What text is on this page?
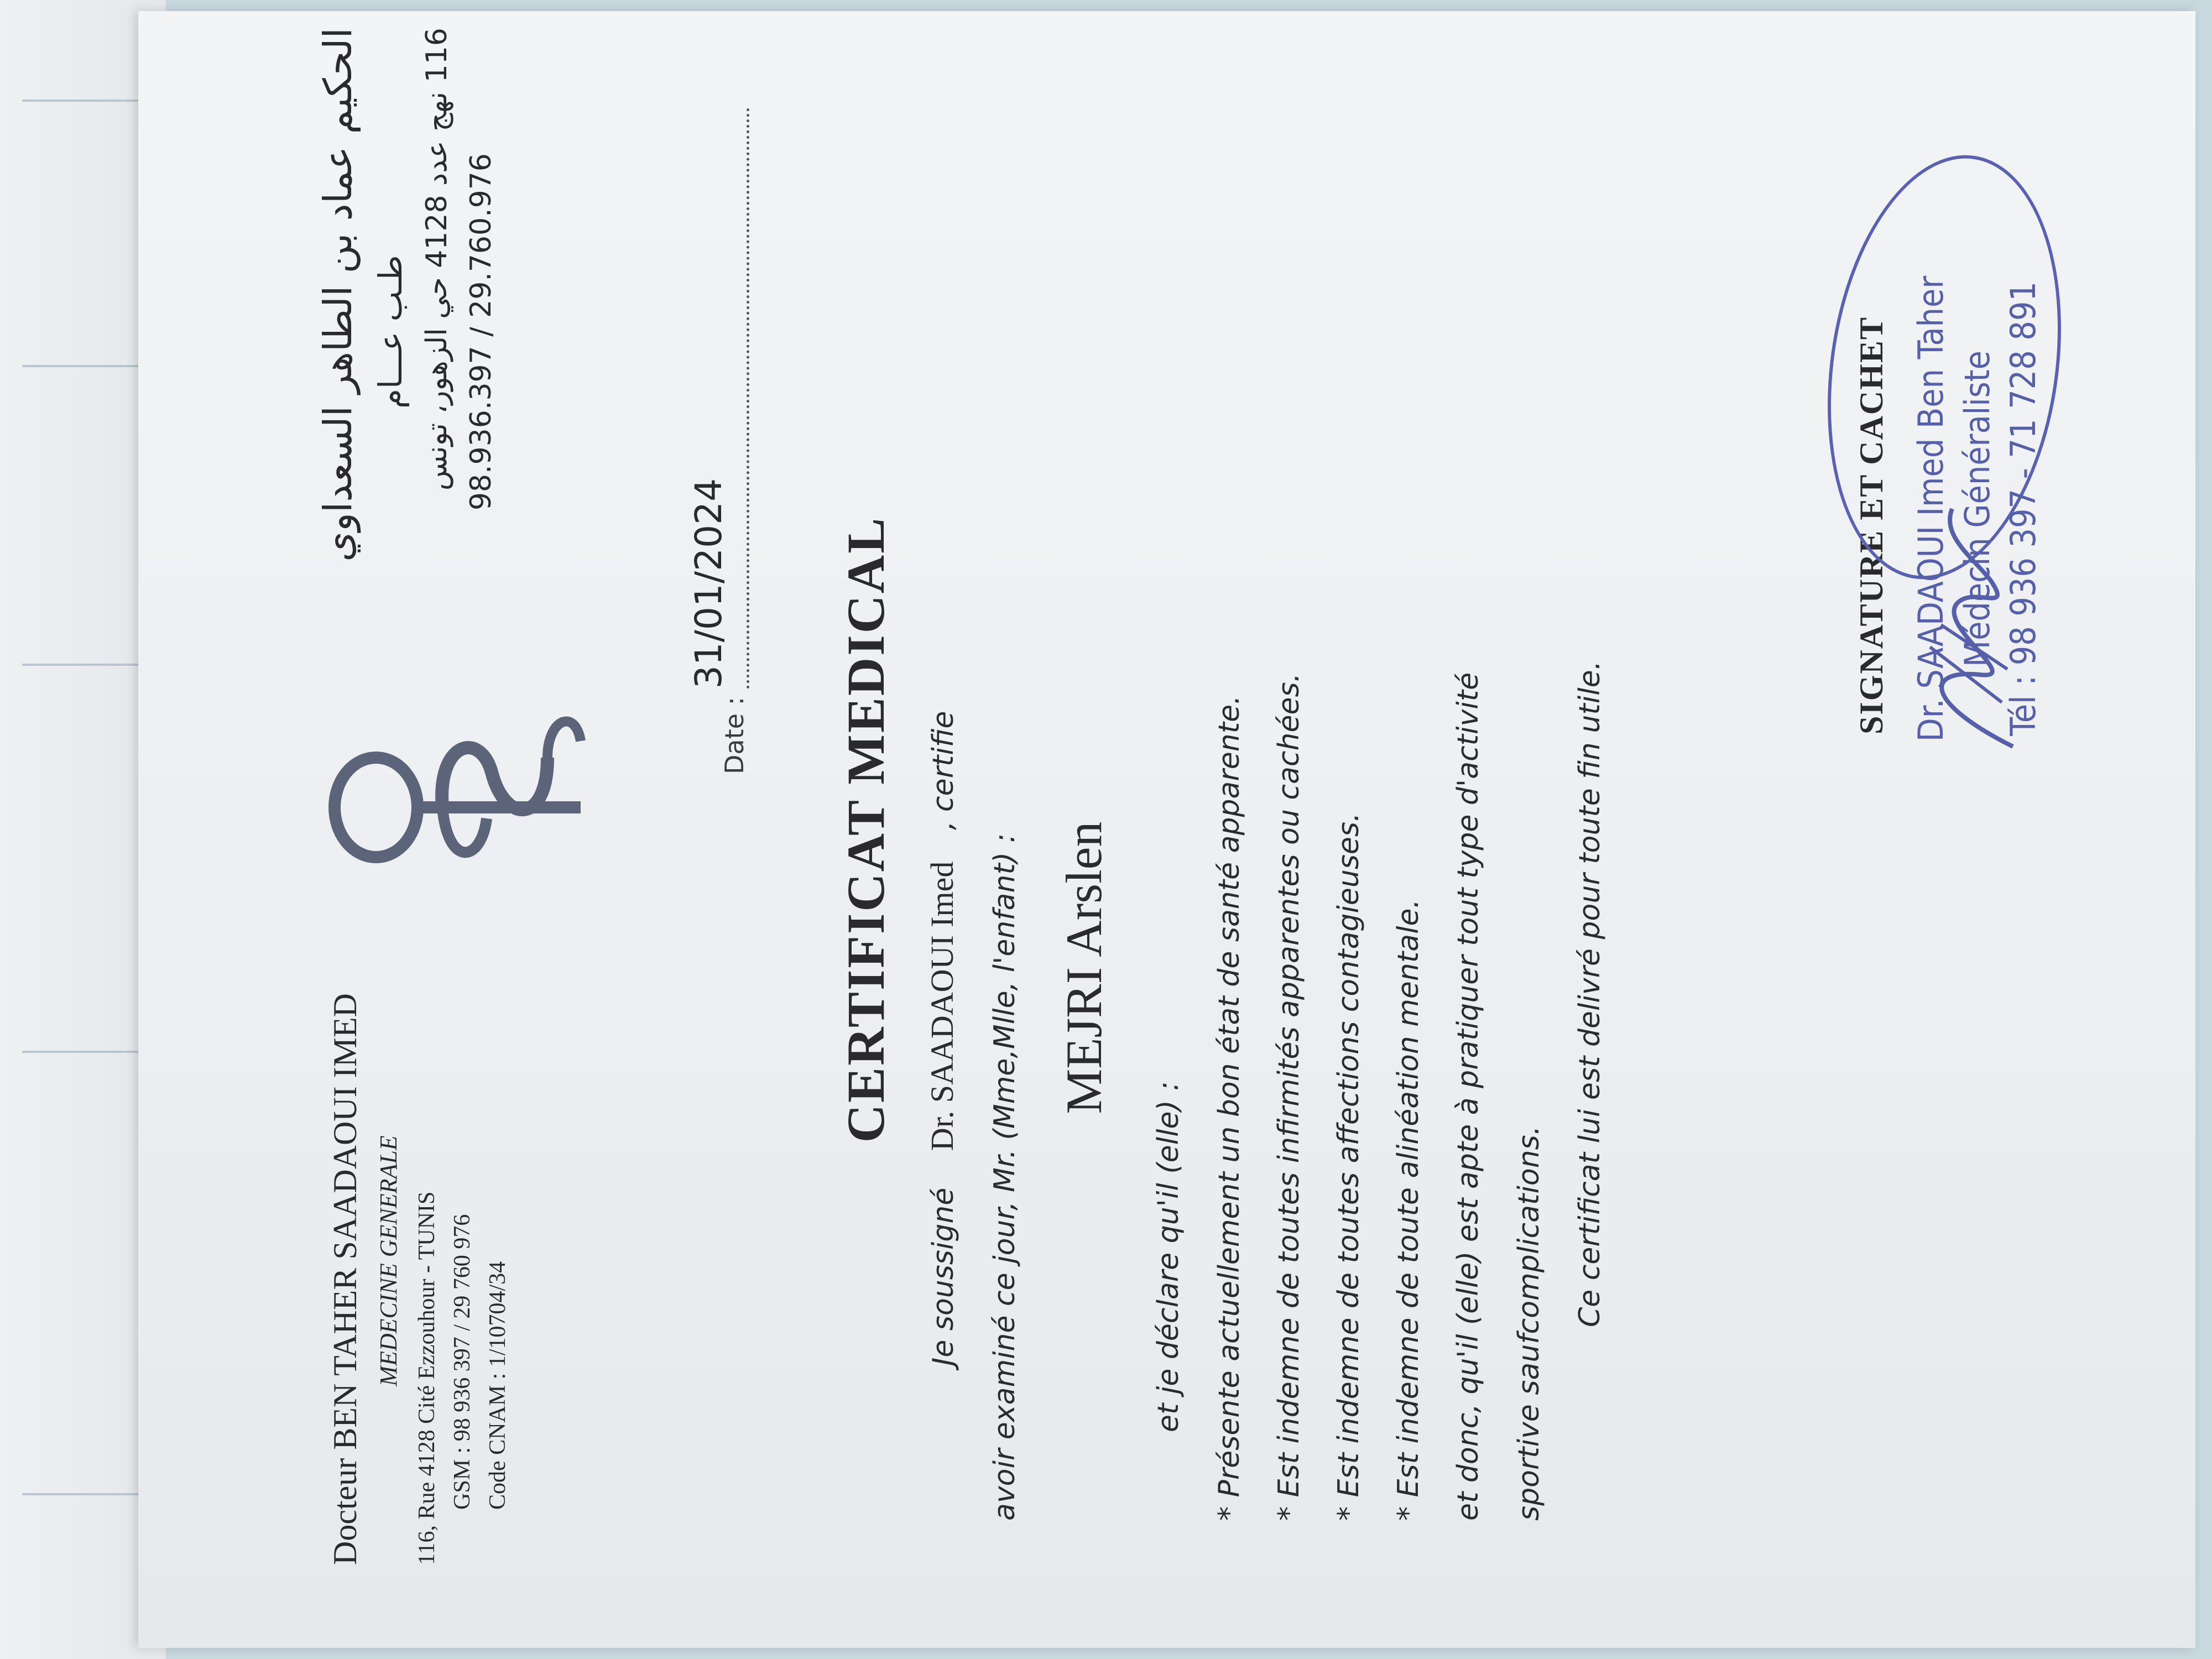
Docteur BEN TAHER SAADAOUI IMED MEDECINE GENERALE 116, Rue 4128 Cité Ezzouhour - TUNIS GSM : 98 936 397 / 29 760 976 Code CNAM : 1/10704/34
الحكيم عماد بن الطاهر السعداوي طـب عـــام 116 نهج عدد 4128 حي الزهور، تونس
98.936.397 / 29.760.976
Date :
31/01/2024 CERTIFICAT MEDICAL
Je soussigné Dr. SAADAOUI Imed , certifie
avoir examiné ce jour, Mr. (Mme,Mlle, l'enfant) : MEJRI Arslen
et je déclare qu'il (elle) : * Présente actuellement un bon état de santé apparente. * Est indemne de toutes infirmités apparentes ou cachées. * Est indemne de toutes affections contagieuses. * Est indemne de toute alinéation mentale. et donc, qu'il (elle) est apte à pratiquer tout type d'activité sportive saufcomplications. Ce certificat lui est delivré pour toute fin utile.
SIGNATURE ET CACHET Dr. SAADAOUI Imed Ben Taher Médecin Généraliste Tél : 98 936 397 - 71 728 891
